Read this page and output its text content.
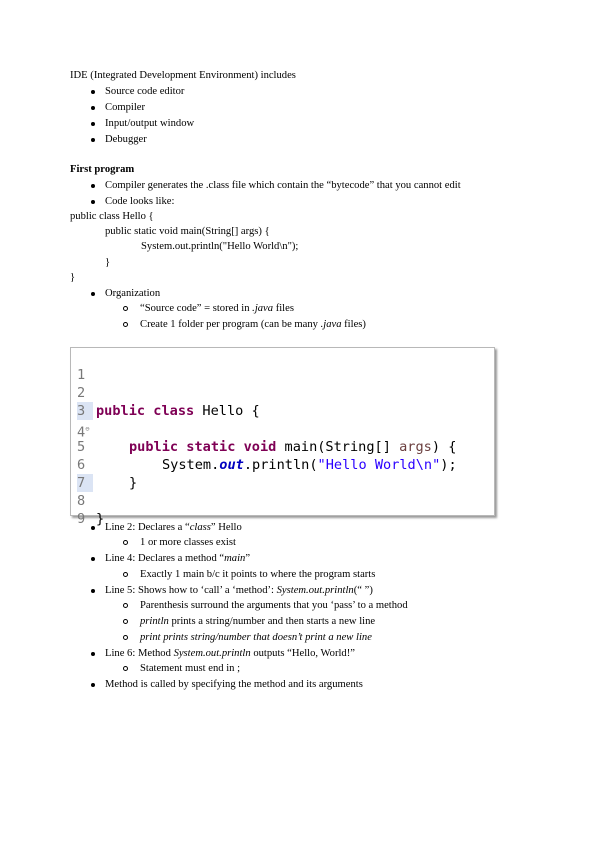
IDE (Integrated Development Environment) includes
Source code editor
Compiler
Input/output window
Debugger
First program
Compiler generates the .class file which contain the “bytecode” that you cannot edit
Code looks like:
public class Hello {
public static void main(String[] args) {
System.out.println("Hello World\n");
}
}
Organization
“Source code” = stored in .java files
Create 1 folder per program (can be many .java files)

1

2

public class Hello {

3

4⊖

public static void main(String[] args) {

5

System.out.println("Hello World\n");

6

}

7

8

}

9

Line 2: Declares a “class” Hello
1 or more classes exist
Line 4: Declares a method “main”
Exactly 1 main b/c it points to where the program starts
Line 5: Shows how to ‘call’ a ‘method’: System.out.println(“ ”)
Parenthesis surround the arguments that you ‘pass’ to a method
println prints a string/number and then starts a new line
print prints string/number that doesn’t print a new line
Line 6: Method System.out.println outputs “Hello, World!”
Statement must end in ;
Method is called by specifying the method and its arguments
